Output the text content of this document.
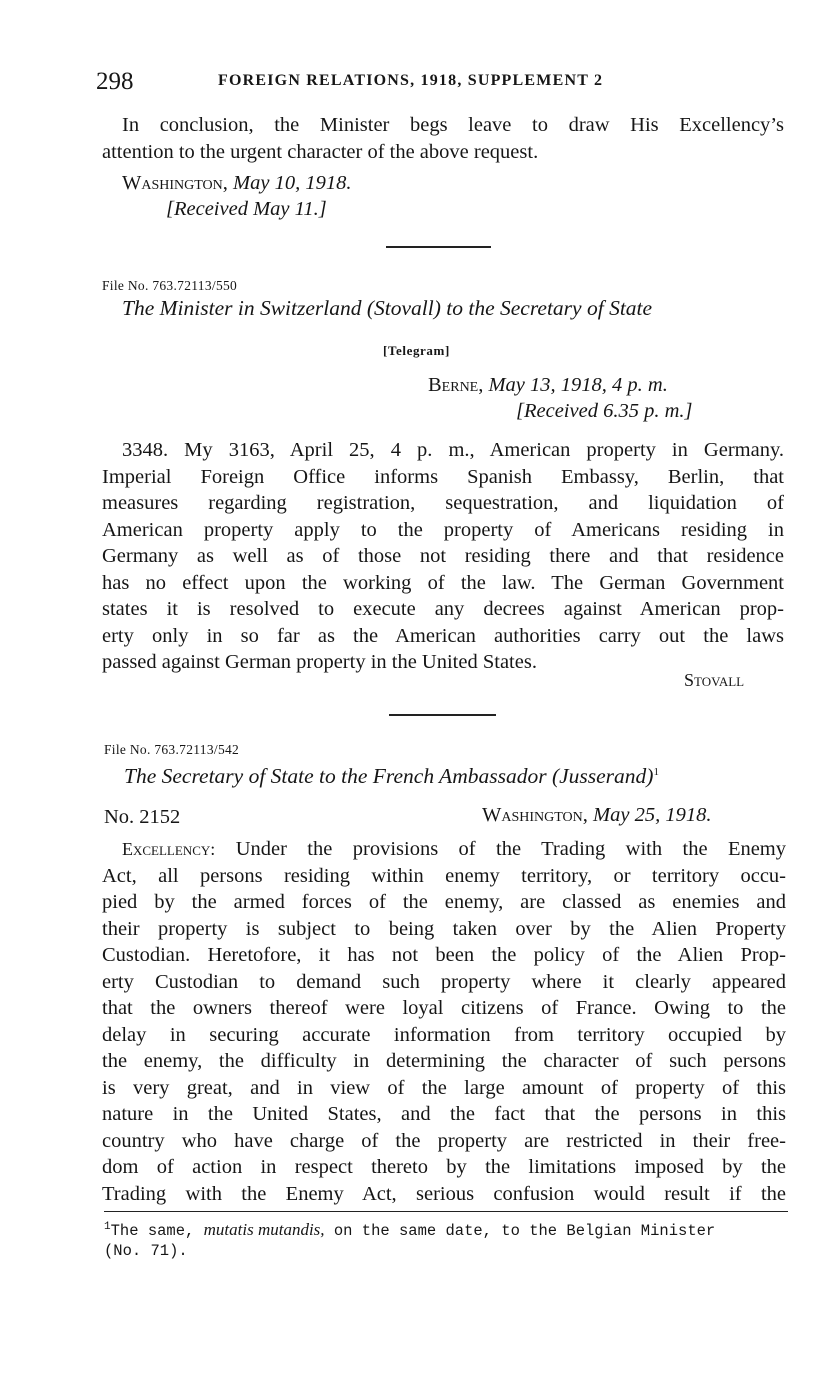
298	FOREIGN RELATIONS, 1918, SUPPLEMENT 2
In conclusion, the Minister begs leave to draw His Excellency’s
attention to the urgent character of the above request.
Washington, May 10, 1918.
[Received May 11.]
File No. 763.72113/550
The Minister in Switzerland (Stovall) to the Secretary of State
[Telegram]
Berne, May 13, 1918, 4 p. m.
[Received 6.35 p. m.]
3348. My 3163, April 25, 4 p. m., American property in Germany.
Imperial Foreign Office informs Spanish Embassy, Berlin, that
measures regarding registration, sequestration, and liquidation of
American property apply to the property of Americans residing in
Germany as well as of those not residing there and that residence
has no effect upon the working of the law. The German Government
states it is resolved to execute any decrees against American prop-
erty only in so far as the American authorities carry out the laws
passed against German property in the United States.
Stovall
File No. 763.72113/542
The Secretary of State to the French Ambassador (Jusserand)$^1$
No. 2152	Washington, May 25, 1918.
Excellency: Under the provisions of the Trading with the Enemy
Act, all persons residing within enemy territory, or territory occu-
pied by the armed forces of the enemy, are classed as enemies and
their property is subject to being taken over by the Alien Property
Custodian. Heretofore, it has not been the policy of the Alien Prop-
erty Custodian to demand such property where it clearly appeared
that the owners thereof were loyal citizens of France. Owing to the
delay in securing accurate information from territory occupied by
the enemy, the difficulty in determining the character of such persons
is very great, and in view of the large amount of property of this
nature in the United States, and the fact that the persons in this
country who have charge of the property are restricted in their free-
dom of action in respect thereto by the limitations imposed by the
Trading with the Enemy Act, serious confusion would result if the
$^1$The same, mutatis mutandis, on the same date, to the Belgian Minister
(No. 71).
